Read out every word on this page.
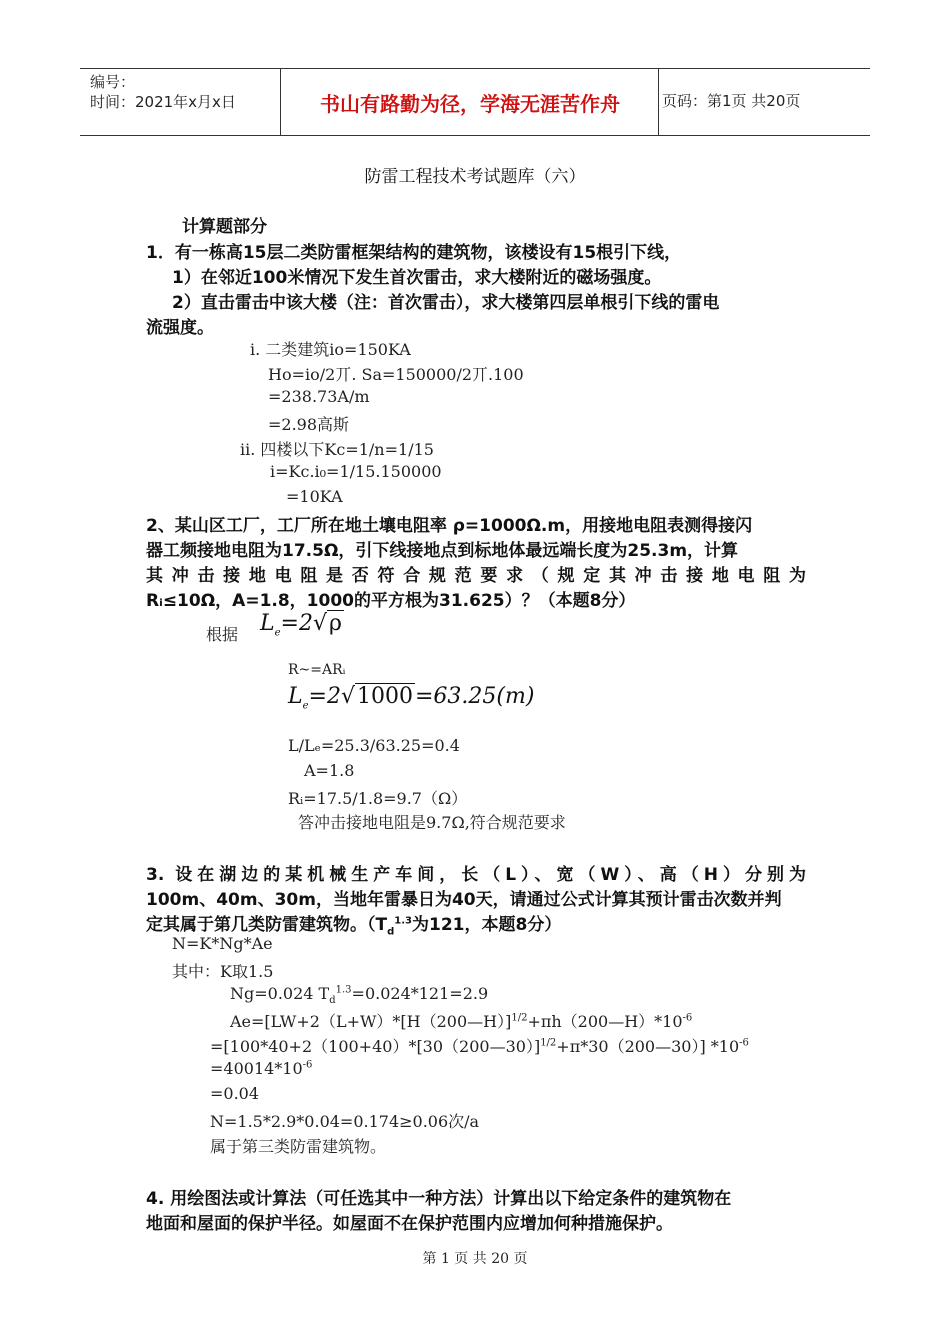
编号：
时间：2021年x月x日	书山有路勤为径，学海无涯苦作舟	页码：第1页 共20页
防雷工程技术考试题库（六）
计算题部分
1．有一栋高15层二类防雷框架结构的建筑物，该楼设有15根引下线，
1）在邻近100米情况下发生首次雷击，求大楼附近的磁场强度。
2）直击雷击中该大楼（注：首次雷击），求大楼第四层单根引下线的雷电
流强度。
i. 二类建筑io=150KA
Ho=io/2丌. Sa=150000/2丌.100
=238.73A/m
=2.98高斯
ii. 四楼以下Kc=1/n=1/15
i=Kc.i₀=1/15.150000
=10KA
2、某山区工厂，工厂所在地土壤电阻率 ρ=1000Ω.m，用接地电阻表测得接闪
器工频接地电阻为17.5Ω，引下线接地点到标地体最远端长度为25.3m，计算
其冲击接地电阻是否符合规范要求（规定其冲击接地电阻为
Rᵢ≤10Ω，A=1.8，1000的平方根为31.625）？（本题8分）
根据 $L_e=2√\rho$
R~=ARᵢ
$L_e=2√1000=63.25(m)$
L/Lₑ=25.3/63.25=0.4
A=1.8
Rᵢ=17.5/1.8=9.7（Ω）
答冲击接地电阻是9.7Ω,符合规范要求
3. 设在湖边的某机械生产车间，长（L）、宽（W）、高（H）分别为
100m、40m、30m，当地年雷暴日为40天，请通过公式计算其预计雷击次数并判
定其属于第几类防雷建筑物。（$T_d^{1.3}$为121，本题8分）
N=K*Ng*Ae
其中：K取1.5
Ng=0.024 $T_d^{1.3}=0.024*121=2.9$
$Ae=[LW+2(L+W)*[H(200—H)]^{1/2}+\pi h(200—H)*10^{-6}$
=[100*40+2（100+40）*[30（200—30）]$^{1/2}$+π*30（200—30）] $*10^{-6}$
$=40014*10^{-6}$
=0.04
N=1.5*2.9*0.04=0.174≥0.06次/a
属于第三类防雷建筑物。
4. 用绘图法或计算法（可任选其中一种方法）计算出以下给定条件的建筑物在
地面和屋面的保护半径。如屋面不在保护范围内应增加何种措施保护。
第 1 页 共 20 页
